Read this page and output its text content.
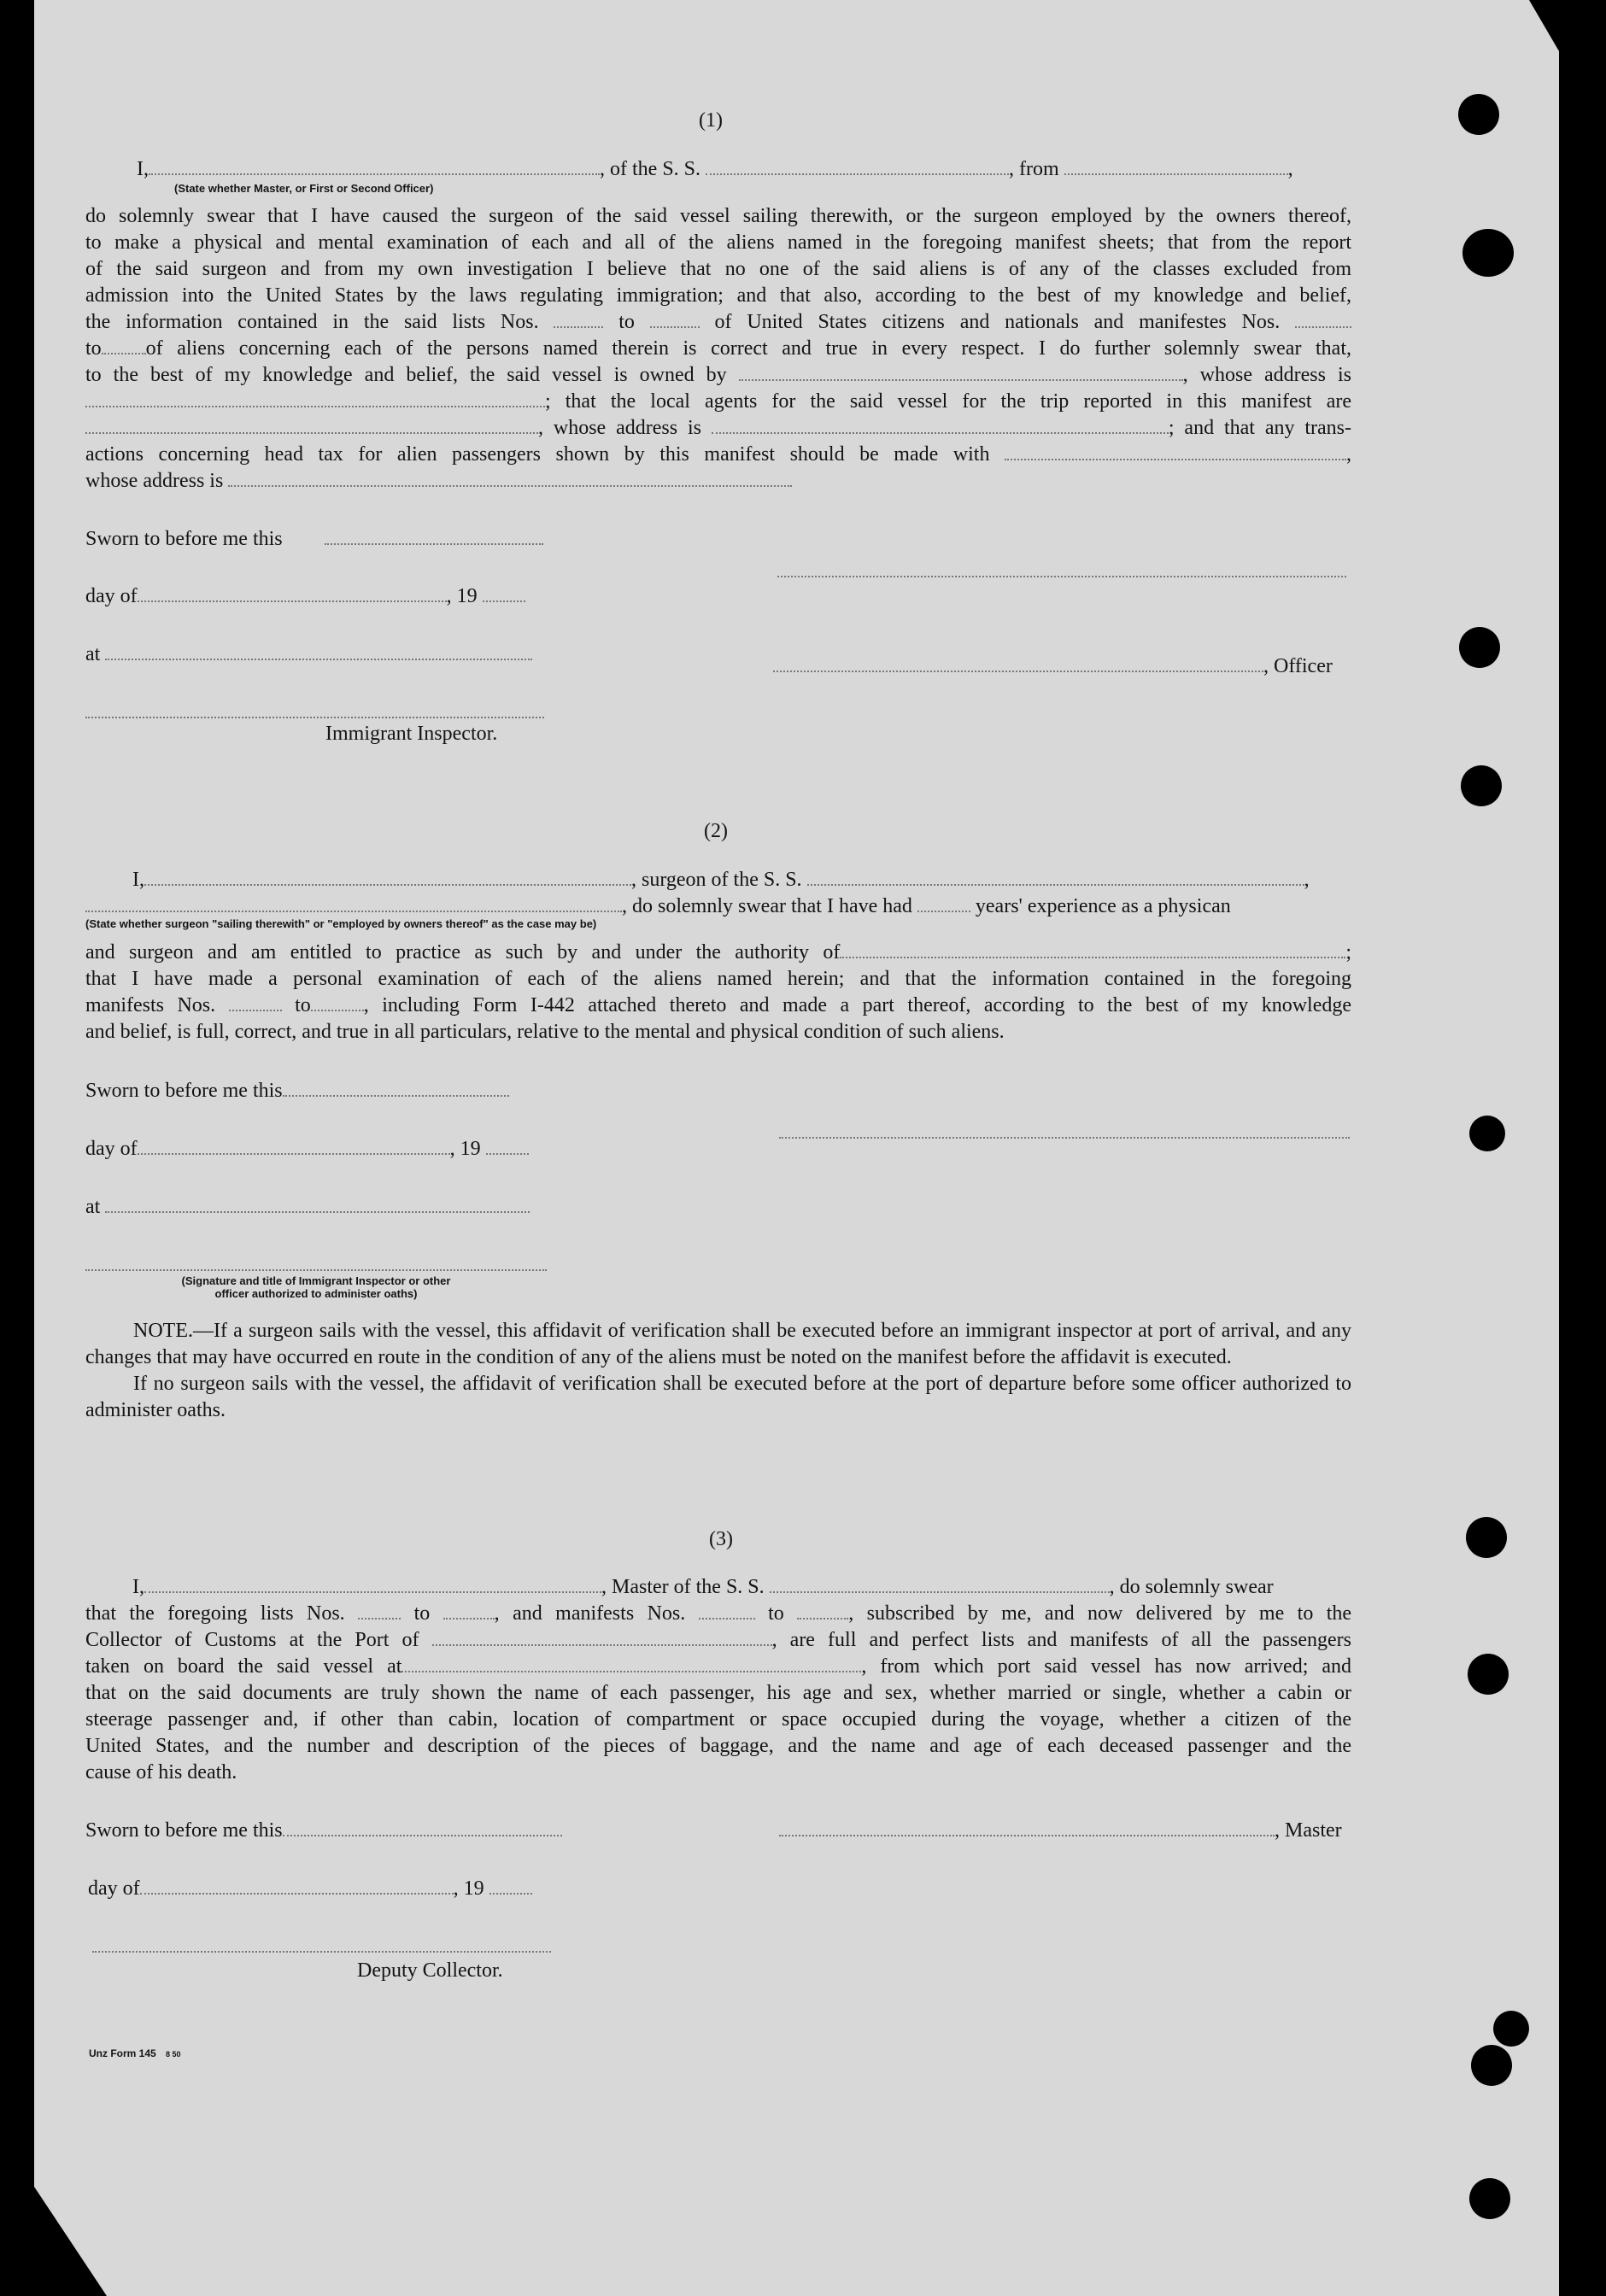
(1)
I,	, of the S. S.	, from	,
(State whether Master, or First or Second Officer)

do solemnly swear that I have caused the surgeon of the said vessel sailing therewith, or the surgeon employed by the owners thereof,

to make a physical and mental examination of each and all of the aliens named in the foregoing manifest sheets; that from the report

of the said surgeon and from my own investigation I believe that no one of the said aliens is of any of the classes excluded from

admission into the United States by the laws regulating immigration; and that also, according to the best of my knowledge and belief,

the information contained in the said lists Nos.	to	of United States citizens and nationals and manifestes Nos.

to of aliens concerning each of the persons named therein is correct and true in every respect. I do further solemnly swear that,

to the best of my knowledge and belief, the said vessel is owned by	, whose address is

; that the local agents for the said vessel for the trip reported in this manifest are

, whose address is	; and that any trans-

actions concerning head tax for alien passengers shown by this manifest should be made with	,

whose address is

Sworn to before me this
day of	, 19
at
, Officer
Immigrant Inspector.
(2)
I,	, surgeon of the S. S.	,
, do solemnly swear that I have had	years' experience as a physican
(State whether surgeon "sailing therewith" or "employed by owners thereof" as the case may be)

and surgeon and am entitled to practice as such by and under the authority of	;

that I have made a personal examination of each of the aliens named herein; and that the information contained in the foregoing

manifests Nos.	to	, including Form I-442 attached thereto and made a part thereof, according to the best of my knowledge

and belief, is full, correct, and true in all particulars, relative to the mental and physical condition of such aliens.

Sworn to before me this
day of	, 19
at
(Signature and title of Immigrant Inspector or other
officer authorized to administer oaths)

NOTE.—If a surgeon sails with the vessel, this affidavit of verification shall be executed before an immigrant inspector at port of arrival, and any changes that may have occurred en route in the condition of any of the aliens must be noted on the manifest before the affidavit is executed.

If no surgeon sails with the vessel, the affidavit of verification shall be executed before at the port of departure before some officer authorized to administer oaths.

(3)
I,	, Master of the S. S.	, do solemnly swear

that the foregoing lists Nos.	to	, and manifests Nos.	to	, subscribed by me, and now delivered by me to the

Collector of Customs at the Port of	, are full and perfect lists and manifests of all the passengers

taken on board the said vessel at	, from which port said vessel has now arrived; and

that on the said documents are truly shown the name of each passenger, his age and sex, whether married or single, whether a cabin or

steerage passenger and, if other than cabin, location of compartment or space occupied during the voyage, whether a citizen of the

United States, and the number and description of the pieces of baggage, and the name and age of each deceased passenger and the

cause of his death.

Sworn to before me this	, Master
day of	, 19
Deputy Collector.
Unz Form 145 8 50
